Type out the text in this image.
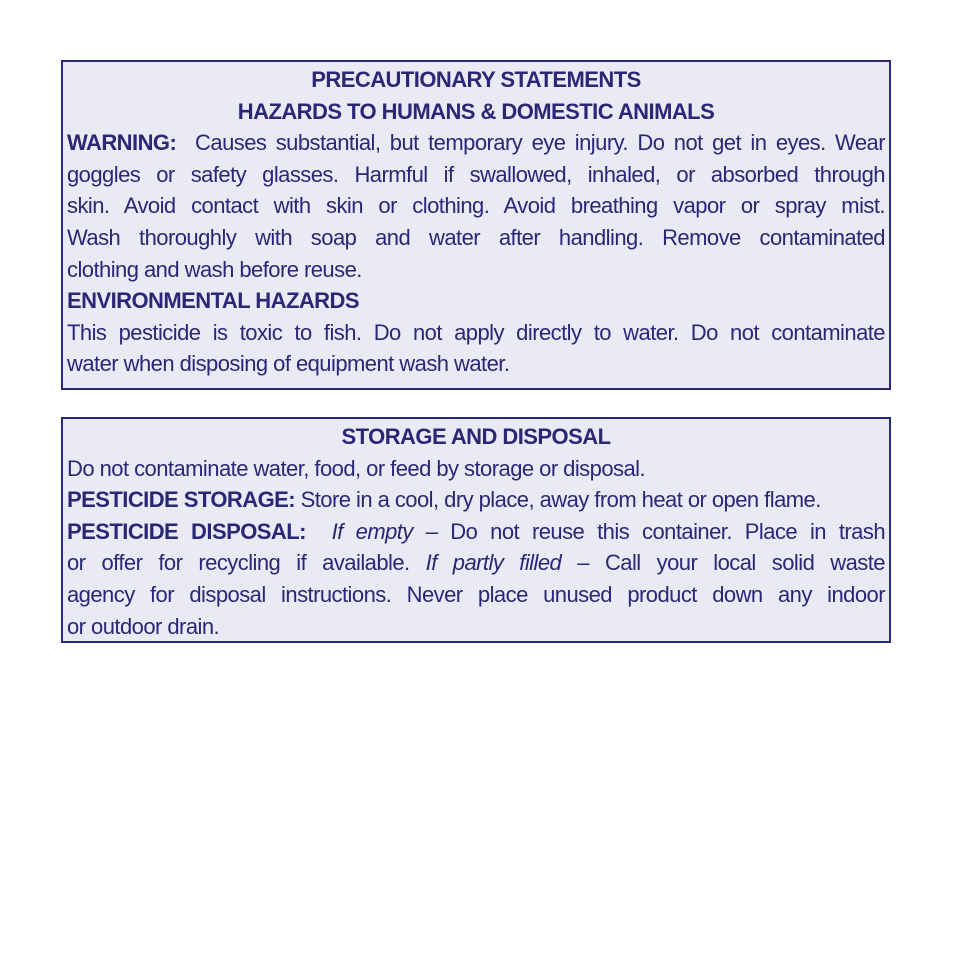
PRECAUTIONARY STATEMENTS
HAZARDS TO HUMANS & DOMESTIC ANIMALS
WARNING: Causes substantial, but temporary eye injury. Do not get in eyes. Wear
goggles or safety glasses. Harmful if swallowed, inhaled, or absorbed through
skin. Avoid contact with skin or clothing. Avoid breathing vapor or spray mist.
Wash thoroughly with soap and water after handling. Remove contaminated
clothing and wash before reuse.
ENVIRONMENTAL HAZARDS
This pesticide is toxic to fish. Do not apply directly to water. Do not contaminate
water when disposing of equipment wash water.
STORAGE AND DISPOSAL
Do not contaminate water, food, or feed by storage or disposal.
PESTICIDE STORAGE: Store in a cool, dry place, away from heat or open flame.
PESTICIDE DISPOSAL: If empty – Do not reuse this container. Place in trash
or offer for recycling if available. If partly filled – Call your local solid waste
agency for disposal instructions. Never place unused product down any indoor
or outdoor drain.
